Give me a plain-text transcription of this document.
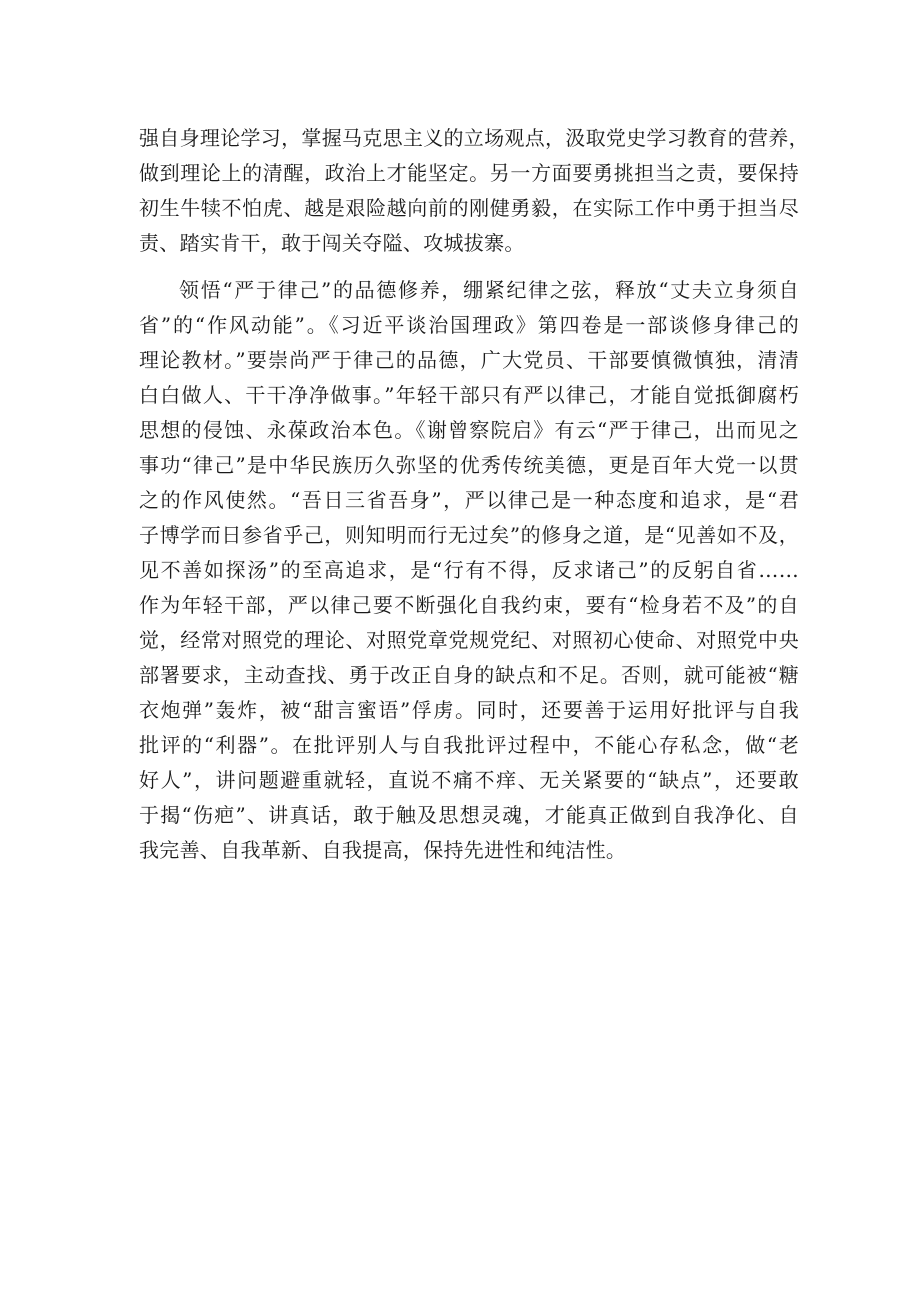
强自身理论学习，掌握马克思主义的立场观点，汲取党史学习教育的营养，
做到理论上的清醒，政治上才能坚定。另一方面要勇挑担当之责，要保持
初生牛犊不怕虎、越是艰险越向前的刚健勇毅，在实际工作中勇于担当尽
责、踏实肯干，敢于闯关夺隘、攻城拔寨。
领悟“严于律己”的品德修养，绷紧纪律之弦，释放“丈夫立身须自
省”的“作风动能”。《习近平谈治国理政》第四卷是一部谈修身律己的
理论教材。”要崇尚严于律己的品德，广大党员、干部要慎微慎独，清清
白白做人、干干净净做事。”年轻干部只有严以律己，才能自觉抵御腐朽
思想的侵蚀、永葆政治本色。《谢曾察院启》有云“严于律己，出而见之
事功“律己”是中华民族历久弥坚的优秀传统美德，更是百年大党一以贯
之的作风使然。“吾日三省吾身”，严以律己是一种态度和追求，是“君
子博学而日参省乎己，则知明而行无过矣”的修身之道，是“见善如不及，
见不善如探汤”的至高追求，是“行有不得，反求诸己”的反躬自省……
作为年轻干部，严以律己要不断强化自我约束，要有“检身若不及”的自
觉，经常对照党的理论、对照党章党规党纪、对照初心使命、对照党中央
部署要求，主动查找、勇于改正自身的缺点和不足。否则，就可能被“糖
衣炮弹”轰炸，被“甜言蜜语”俘虏。同时，还要善于运用好批评与自我
批评的“利器”。在批评别人与自我批评过程中，不能心存私念，做“老
好人”，讲问题避重就轻，直说不痛不痒、无关紧要的“缺点”，还要敢
于揭“伤疤”、讲真话，敢于触及思想灵魂，才能真正做到自我净化、自
我完善、自我革新、自我提高，保持先进性和纯洁性。
